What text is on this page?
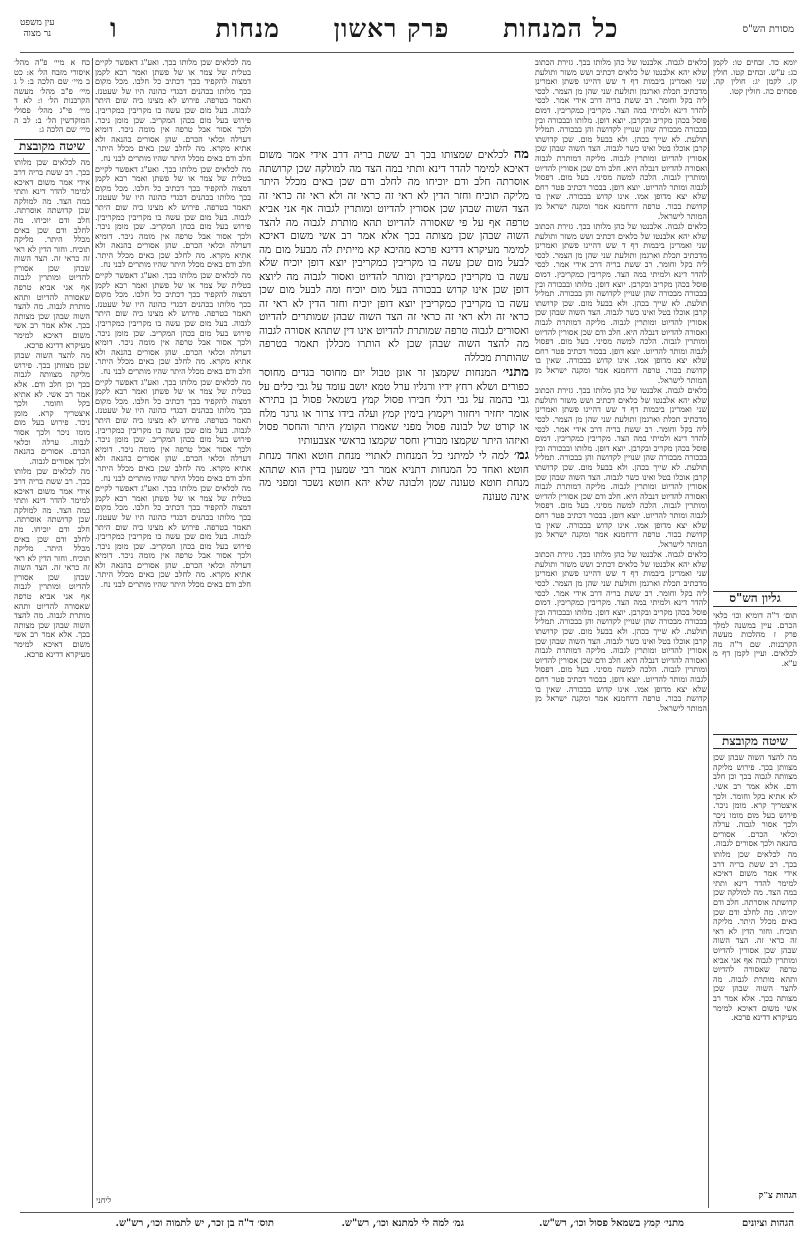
מסורת הש"ס
כל המנחות פרק ראשון מנחות
ו
עין משפט
נר מצוה

יומא כד. זבחים טו: לקמן כג: ע"ש. זבחים קטו. חולין קז. לקמן יג: חולין קה. פסחים כה. חולין קטו.

גליון הש"ס

תום׳ ד"ה דומיא וכו׳ כלאי הכרם. עיין במשנה למלך פרק ז מהלכות מעשה הקרבנות. שם ד"ה מה לכלאים. ועיין לקמן דף מ ע"א.

שיטה מקובצת

מה להצד השוה שבהן שכן מצוותן בכך. פירוש מליקה מצוותה לגבוה בכך וכן חלב ודם. אלא אמר רב אשי. לא אתיא בקל וחומר. ולכך איצטריך קרא. מומן ניכר. פירוש בעל מום מומו ניכר ולכך אסור לגבוה. ערלה וכלאי הכרם. אסורים בהנאה ולכך אסורים לגבוה.

מה לכלאים שכן מלותו בכך. רב ששת בריה דרב אידי אמר משום דאיכא למימר להדר דינא ותתי במה הצד. מה למולקה שכן קדושתה אוסרתה. חלב ודם יוכיחו. מה לחלב ודם שכן באים מכלל היתר. מליקה תוכיח. וחזר הדין לא ראי זה כראי זה. הצד השוה שבהן שכן אסורין להדיוט ומותרין לגבוה אף אני אביא טרפה שאסורה להדיוט ותהא מותרת לגבוה. מה להצד השוה שבהן שכן מצותה בכך. אלא אמר רב אשי משום דאיכא למימר מעיקרא דדינא פרכא.

כלאים לגבוה. אלבנטו של כהן מלותו בכך. גזירת הכתוב שלא יהא אלבנטו של כלאים דכתיב ושש משזר ותולעת שני ואמרינן ביבמות דף ד שש דהיינו פשתן ואמרינן מדכתיב תכלת וארגמן ותולעת שני שהן מן הצמר. לכסי ליה בקל וחומר. רב ששת בריה דרב אידי אמר. לכסי להדר דינא ולמיתי במה הצד. מקריבין כמקריבין. דמום פוסל בכהן מקריב ובקרבן. יוצא דופן. מלותו ובבכורה ובין בבכורה מבכורה שהן שנויין לקדושה והן בבכורה. תמליל תולעת. לא שייך בכהן. ולא בבעל מום. שכן קדושתו קרבן אוכלו בטל ואינו כשר לגבוה. הצד השוה שבהן שכן אסורין להדיוט ומותרין לגבוה. מליקה דמותרת לגבוה ואסורה להדיוט דנבלה היא. חלב ודם שכן אסורין להדיוט ומותרין לגבוה. הלכה למשה מסיני. בעל מום. דפסול לגבוה ומותר להדיוט. יוצא דופן. בבכור דכתיב פטר רחם שלא יצא מדופן אמו. אינו קדוש בבכורה. שאין בו קדושת בכור. טרפה דרחמנא אמר ומקנה ישראל מן המותר לישראל.

כלאים לגבוה. אלבנטו של כהן מלותו בכך. גזירת הכתוב שלא יהא אלבנטו של כלאים דכתיב ושש משזר ותולעת שני ואמרינן ביבמות דף ד שש דהיינו פשתן ואמרינן מדכתיב תכלת וארגמן ותולעת שני שהן מן הצמר. לכסי ליה בקל וחומר. רב ששת בריה דרב אידי אמר. לכסי להדר דינא ולמיתי במה הצד. מקריבין כמקריבין. דמום פוסל בכהן מקריב ובקרבן. יוצא דופן. מלותו ובבכורה ובין בבכורה מבכורה שהן שנויין לקדושה והן בבכורה. תמליל תולעת. לא שייך בכהן. ולא בבעל מום. שכן קדושתו קרבן אוכלו בטל ואינו כשר לגבוה. הצד השוה שבהן שכן אסורין להדיוט ומותרין לגבוה. מליקה דמותרת לגבוה ואסורה להדיוט דנבלה היא. חלב ודם שכן אסורין להדיוט ומותרין לגבוה. הלכה למשה מסיני. בעל מום. דפסול לגבוה ומותר להדיוט. יוצא דופן. בבכור דכתיב פטר רחם שלא יצא מדופן אמו. אינו קדוש בבכורה. שאין בו קדושת בכור. טרפה דרחמנא אמר ומקנה ישראל מן המותר לישראל.

כלאים לגבוה. אלבנטו של כהן מלותו בכך. גזירת הכתוב שלא יהא אלבנטו של כלאים דכתיב ושש משזר ותולעת שני ואמרינן ביבמות דף ד שש דהיינו פשתן ואמרינן מדכתיב תכלת וארגמן ותולעת שני שהן מן הצמר. לכסי ליה בקל וחומר. רב ששת בריה דרב אידי אמר. לכסי להדר דינא ולמיתי במה הצד. מקריבין כמקריבין. דמום פוסל בכהן מקריב ובקרבן. יוצא דופן. מלותו ובבכורה ובין בבכורה מבכורה שהן שנויין לקדושה והן בבכורה. תמליל תולעת. לא שייך בכהן. ולא בבעל מום. שכן קדושתו קרבן אוכלו בטל ואינו כשר לגבוה. הצד השוה שבהן שכן אסורין להדיוט ומותרין לגבוה. מליקה דמותרת לגבוה ואסורה להדיוט דנבלה היא. חלב ודם שכן אסורין להדיוט ומותרין לגבוה. הלכה למשה מסיני. בעל מום. דפסול לגבוה ומותר להדיוט. יוצא דופן. בבכור דכתיב פטר רחם שלא יצא מדופן אמו. אינו קדוש בבכורה. שאין בו קדושת בכור. טרפה דרחמנא אמר ומקנה ישראל מן המותר לישראל.

כלאים לגבוה. אלבנטו של כהן מלותו בכך. גזירת הכתוב שלא יהא אלבנטו של כלאים דכתיב ושש משזר ותולעת שני ואמרינן ביבמות דף ד שש דהיינו פשתן ואמרינן מדכתיב תכלת וארגמן ותולעת שני שהן מן הצמר. לכסי ליה בקל וחומר. רב ששת בריה דרב אידי אמר. לכסי להדר דינא ולמיתי במה הצד. מקריבין כמקריבין. דמום פוסל בכהן מקריב ובקרבן. יוצא דופן. מלותו ובבכורה ובין בבכורה מבכורה שהן שנויין לקדושה והן בבכורה. תמליל תולעת. לא שייך בכהן. ולא בבעל מום. שכן קדושתו קרבן אוכלו בטל ואינו כשר לגבוה. הצד השוה שבהן שכן אסורין להדיוט ומותרין לגבוה. מליקה דמותרת לגבוה ואסורה להדיוט דנבלה היא. חלב ודם שכן אסורין להדיוט ומותרין לגבוה. הלכה למשה מסיני. בעל מום. דפסול לגבוה ומותר להדיוט. יוצא דופן. בבכור דכתיב פטר רחם שלא יצא מדופן אמו. אינו קדוש בבכורה. שאין בו קדושת בכור. טרפה דרחמנא אמר ומקנה ישראל מן המותר לישראל.

מה לכלאים שמצותו בכך רב ששת בריה דרב אידי אמר משום דאיכא למימר להדר דינא ותתי במה הצד מה למולקה שכן קרושתה אוסרתה חלב ודם יוכיחו מה לחלב ודם שכן באים מכלל היתר מליקה תוכיח וחזר הדין לא ראי זה כראי זה ולא ראי זה כראי זה הצד השוה שבהן שכן אסורין להדיוט ומותרין לגבוה אף אני אביא טרפה אף על פי שאסורה להדיוט תהא מותרת לגבוה מה להצד השוה שבהן שכן מצותה בכך אלא אמר רב אשי משום דאיכא למימר מעיקרא דדינא פרכא מהיכא קא מייתית לה מבעל מום מה לבעל מום שכן עשה בו מקריבין כמקריבין יוצא דופן יוכיח שלא עשה בו מקריבין כמקריבין ומותר להדיוט ואסור לגבוה מה ליוצא דופן שכן אינו קדוש בבכורה בעל מום יוכיח ומה לבעל מום שכן עשה בו מקריבין כמקריבין יוצא דופן יוכיח וחזר הדין לא ראי זה כראי זה ולא ראי זה כראי זה הצד השוה שבהן שמותרים להדיוט ואסורים לגבוה טרפה שמותרת להדיוט אינו דין שתהא אסורה לגבוה מה להצד השוה שבהן שכן לא הותרו מכללן תאמר בטרפה שהותרת מכללה

מתני׳ המנחות שקמצן זר אונן טבול יום מחוסר בגדים מחוסר כפורים ושלא רחץ ידיו ורגליו ערל טמא יושב עומד על גבי כלים על גבי בהמה על גבי רגלי חבירו פסול קמץ בשמאל פסול בן בתירא אומר יחזיר ויחזור ויקמוץ בימין קמץ ועלה בידו צרור או גרגר מלח או קורט של לבונה פסול מפני שאמרו הקומץ היתר והחסר פסול ואיזהו היתר שקמצו מבורץ וחסר שקמצו בראשי אצבעותיו

גמ׳ למה לי למיתני כל המנחות לאתויי מנחת חוטא ואחד מנחת חוטא ואחד כל המנחות דתניא אמר רבי שמעון בדין הוא שתהא מנחת חוטא טעונה שמן ולבונה שלא יהא חוטא נשכר ומפני מה אינה טעונה

מה לכלאים שכן מלותו בכך. ואע"ג דאפשר לקיים בטלית של צמר או של פשתן ואמר רבא לקמן דמצוה להקפיד בכך דכתיב כל חלבו. מכל מקום בכך מלותו בכהנים דבגדי כהונה היו של שעטנז. תאמר בטרפה. פירוש לא מצינו ביה שום היתר לגבוה. בעל מום שכן עשה בו מקריבין כמקריבין. פירוש בעל מום בכהן המקריב. שכן מומן ניכר. ולכך אסור אבל טרפה אין מומה ניכר. דומיא דערלה וכלאי הכרם. שהן אסורים בהנאה ולא אתיא מקרא. מה לחלב שכן באים מכלל היתר. חלב ודם באים מכלל היתר שהיו מותרים לבני נח.

מה לכלאים שכן מלותו בכך. ואע"ג דאפשר לקיים בטלית של צמר או של פשתן ואמר רבא לקמן דמצוה להקפיד בכך דכתיב כל חלבו. מכל מקום בכך מלותו בכהנים דבגדי כהונה היו של שעטנז. תאמר בטרפה. פירוש לא מצינו ביה שום היתר לגבוה. בעל מום שכן עשה בו מקריבין כמקריבין. פירוש בעל מום בכהן המקריב. שכן מומן ניכר. ולכך אסור אבל טרפה אין מומה ניכר. דומיא דערלה וכלאי הכרם. שהן אסורים בהנאה ולא אתיא מקרא. מה לחלב שכן באים מכלל היתר. חלב ודם באים מכלל היתר שהיו מותרים לבני נח.

מה לכלאים שכן מלותו בכך. ואע"ג דאפשר לקיים בטלית של צמר או של פשתן ואמר רבא לקמן דמצוה להקפיד בכך דכתיב כל חלבו. מכל מקום בכך מלותו בכהנים דבגדי כהונה היו של שעטנז. תאמר בטרפה. פירוש לא מצינו ביה שום היתר לגבוה. בעל מום שכן עשה בו מקריבין כמקריבין. פירוש בעל מום בכהן המקריב. שכן מומן ניכר. ולכך אסור אבל טרפה אין מומה ניכר. דומיא דערלה וכלאי הכרם. שהן אסורים בהנאה ולא אתיא מקרא. מה לחלב שכן באים מכלל היתר. חלב ודם באים מכלל היתר שהיו מותרים לבני נח.

מה לכלאים שכן מלותו בכך. ואע"ג דאפשר לקיים בטלית של צמר או של פשתן ואמר רבא לקמן דמצוה להקפיד בכך דכתיב כל חלבו. מכל מקום בכך מלותו בכהנים דבגדי כהונה היו של שעטנז. תאמר בטרפה. פירוש לא מצינו ביה שום היתר לגבוה. בעל מום שכן עשה בו מקריבין כמקריבין. פירוש בעל מום בכהן המקריב. שכן מומן ניכר. ולכך אסור אבל טרפה אין מומה ניכר. דומיא דערלה וכלאי הכרם. שהן אסורים בהנאה ולא אתיא מקרא. מה לחלב שכן באים מכלל היתר. חלב ודם באים מכלל היתר שהיו מותרים לבני נח.

מה לכלאים שכן מלותו בכך. ואע"ג דאפשר לקיים בטלית של צמר או של פשתן ואמר רבא לקמן דמצוה להקפיד בכך דכתיב כל חלבו. מכל מקום בכך מלותו בכהנים דבגדי כהונה היו של שעטנז. תאמר בטרפה. פירוש לא מצינו ביה שום היתר לגבוה. בעל מום שכן עשה בו מקריבין כמקריבין. פירוש בעל מום בכהן המקריב. שכן מומן ניכר. ולכך אסור אבל טרפה אין מומה ניכר. דומיא דערלה וכלאי הכרם. שהן אסורים בהנאה ולא אתיא מקרא. מה לחלב שכן באים מכלל היתר. חלב ודם באים מכלל היתר שהיו מותרים לבני נח.

כח א מיי׳ פ"ה מהל׳ איסורי מזבח הל׳ א: כט ב מיי׳ שם הלכה ב: ל ג מיי׳ פ"ב מהל׳ מעשה הקרבנות הל׳ ו: לא ד מיי׳ פי"ג מהל׳ פסולי המוקדשין הל׳ ב: לב ה מיי׳ שם הלכה ג:

שיטה מקובצת

מה לכלאים שכן מלותו בכך. רב ששת בריה דרב אידי אמר משום דאיכא למימר להדר דינא ותתי במה הצד. מה למולקה שכן קדושתה אוסרתה. חלב ודם יוכיחו. מה לחלב ודם שכן באים מכלל היתר. מליקה תוכיח. וחזר הדין לא ראי זה כראי זה. הצד השוה שבהן שכן אסורין להדיוט ומותרין לגבוה אף אני אביא טרפה שאסורה להדיוט ותהא מותרת לגבוה. מה להצד השוה שבהן שכן מצותה בכך. אלא אמר רב אשי משום דאיכא למימר מעיקרא דדינא פרכא.

מה להצד השוה שבהן שכן מצוותן בכך. פירוש מליקה מצוותה לגבוה בכך וכן חלב ודם. אלא אמר רב אשי. לא אתיא בקל וחומר. ולכך איצטריך קרא. מומן ניכר. פירוש בעל מום מומו ניכר ולכך אסור לגבוה. ערלה וכלאי הכרם. אסורים בהנאה ולכך אסורים לגבוה.

מה לכלאים שכן מלותו בכך. רב ששת בריה דרב אידי אמר משום דאיכא למימר להדר דינא ותתי במה הצד. מה למולקה שכן קדושתה אוסרתה. חלב ודם יוכיחו. מה לחלב ודם שכן באים מכלל היתר. מליקה תוכיח. וחזר הדין לא ראי זה כראי זה. הצד השוה שבהן שכן אסורין להדיוט ומותרין לגבוה אף אני אביא טרפה שאסורה להדיוט ותהא מותרת לגבוה. מה להצד השוה שבהן שכן מצותה בכך. אלא אמר רב אשי משום דאיכא למימר מעיקרא דדינא פרכא.

ליחני
הגהות וציונים
מתני׳ קמץ בשמאל פסול וכו׳, רש"ש.
גמ׳ למה לי למתנא וכו׳, רש"ש.
תוס׳ ד"ה בן זכר, יש לתמוה וכו׳, רש"ש.
הגהות צ"ק
